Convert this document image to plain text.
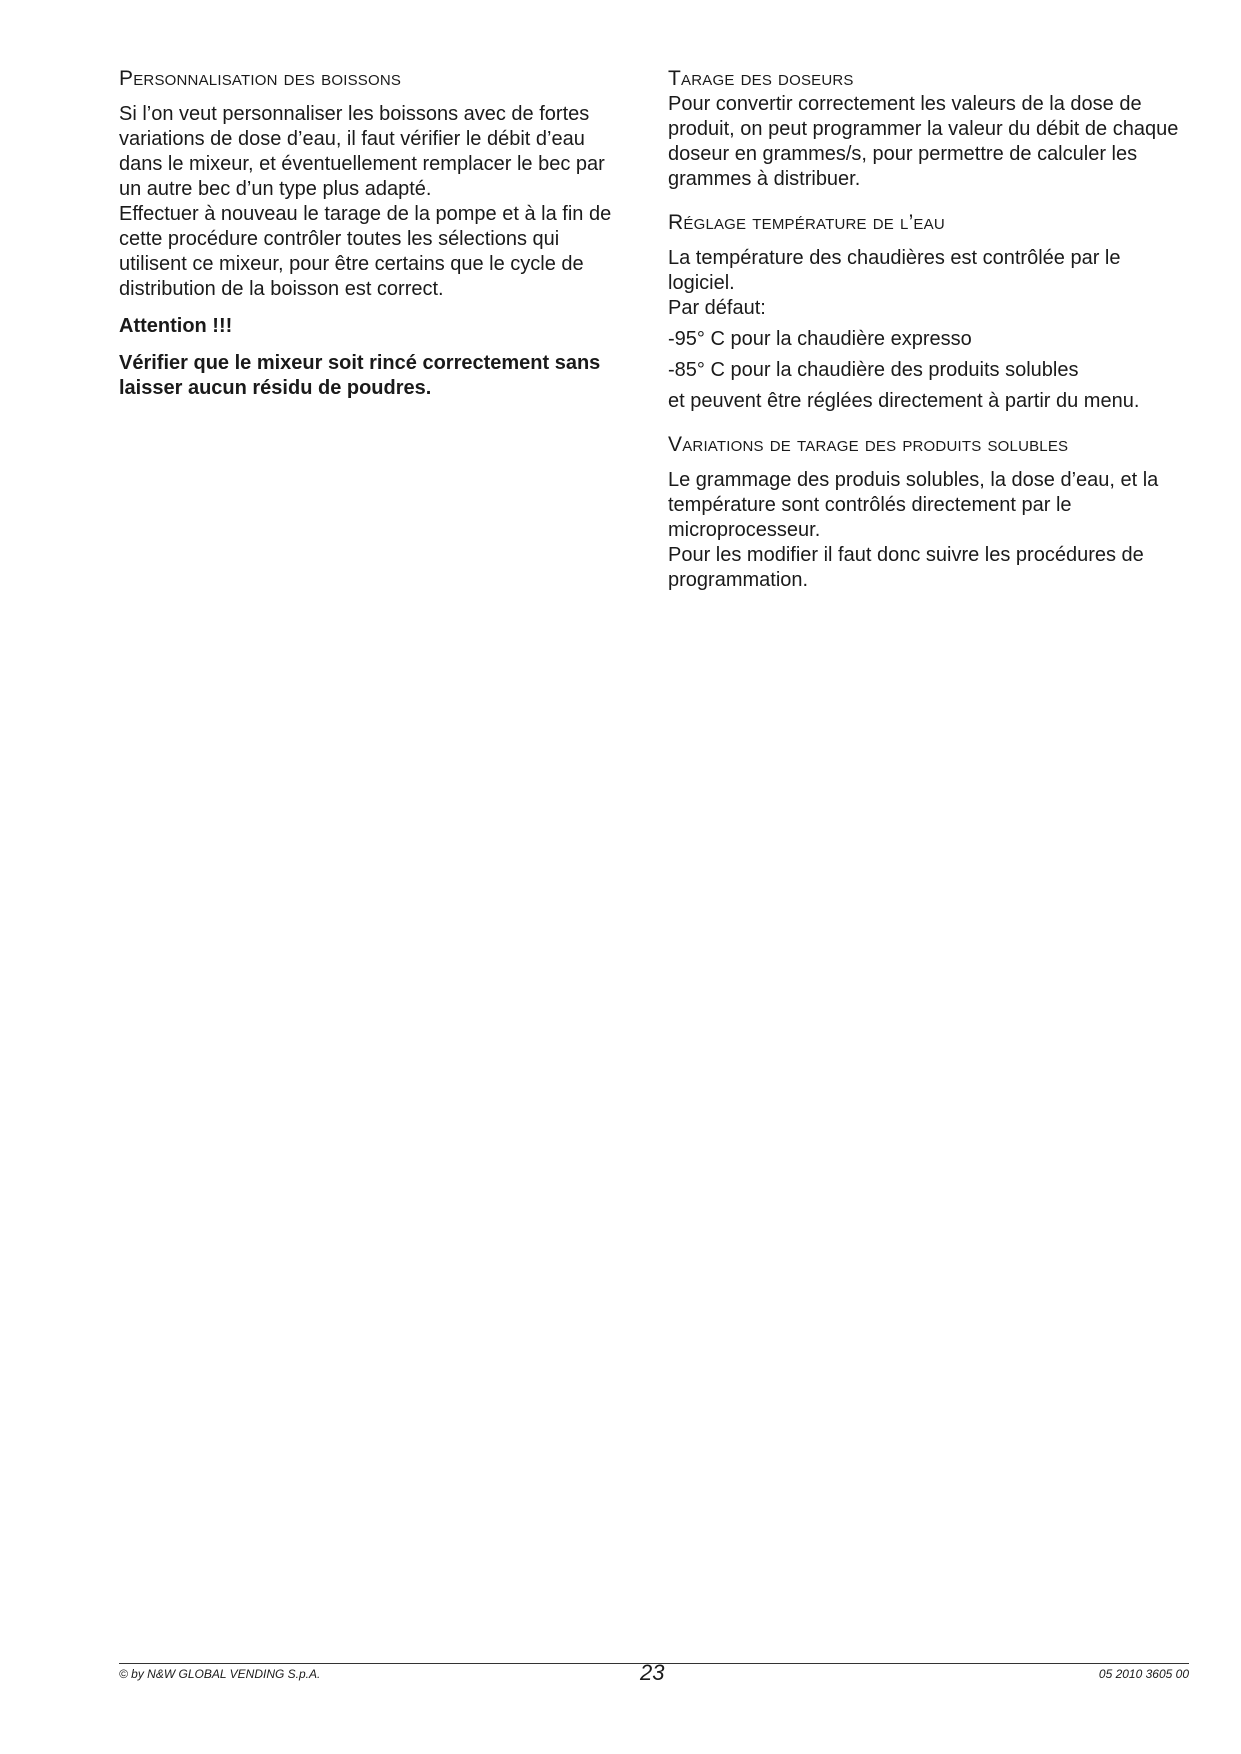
Personnalisation des boissons

Si l’on veut personnaliser les boissons avec de fortes variations de dose d’eau, il faut vérifier le débit d’eau dans le mixeur, et éventuellement remplacer le bec par un autre bec d’un type plus adapté.

Effectuer à nouveau le tarage de la pompe et à la fin de cette procédure contrôler toutes les sélections qui utilisent ce mixeur, pour être certains que le cycle de distribution de la boisson est correct.

Attention !!!

Vérifier que le mixeur soit rincé correctement sans laisser aucun résidu de poudres.

Tarage des doseurs

Pour convertir correctement les valeurs de la dose de produit, on peut programmer la valeur du débit de chaque doseur en grammes/s, pour permettre de calculer les grammes à distribuer.

Réglage température de l’eau

La température des chaudières est contrôlée par le logiciel.

Par défaut:

-95° C pour la chaudière expresso

-85° C pour la chaudière des produits solubles

et peuvent être réglées directement à partir du menu.

Variations de tarage des produits solubles

Le grammage des produis solubles, la dose d’eau, et la température sont contrôlés directement par le microprocesseur.

Pour les modifier il faut donc suivre les procédures de programmation.

© by N&W GLOBAL VENDING S.p.A.	23	05 2010 3605 00
